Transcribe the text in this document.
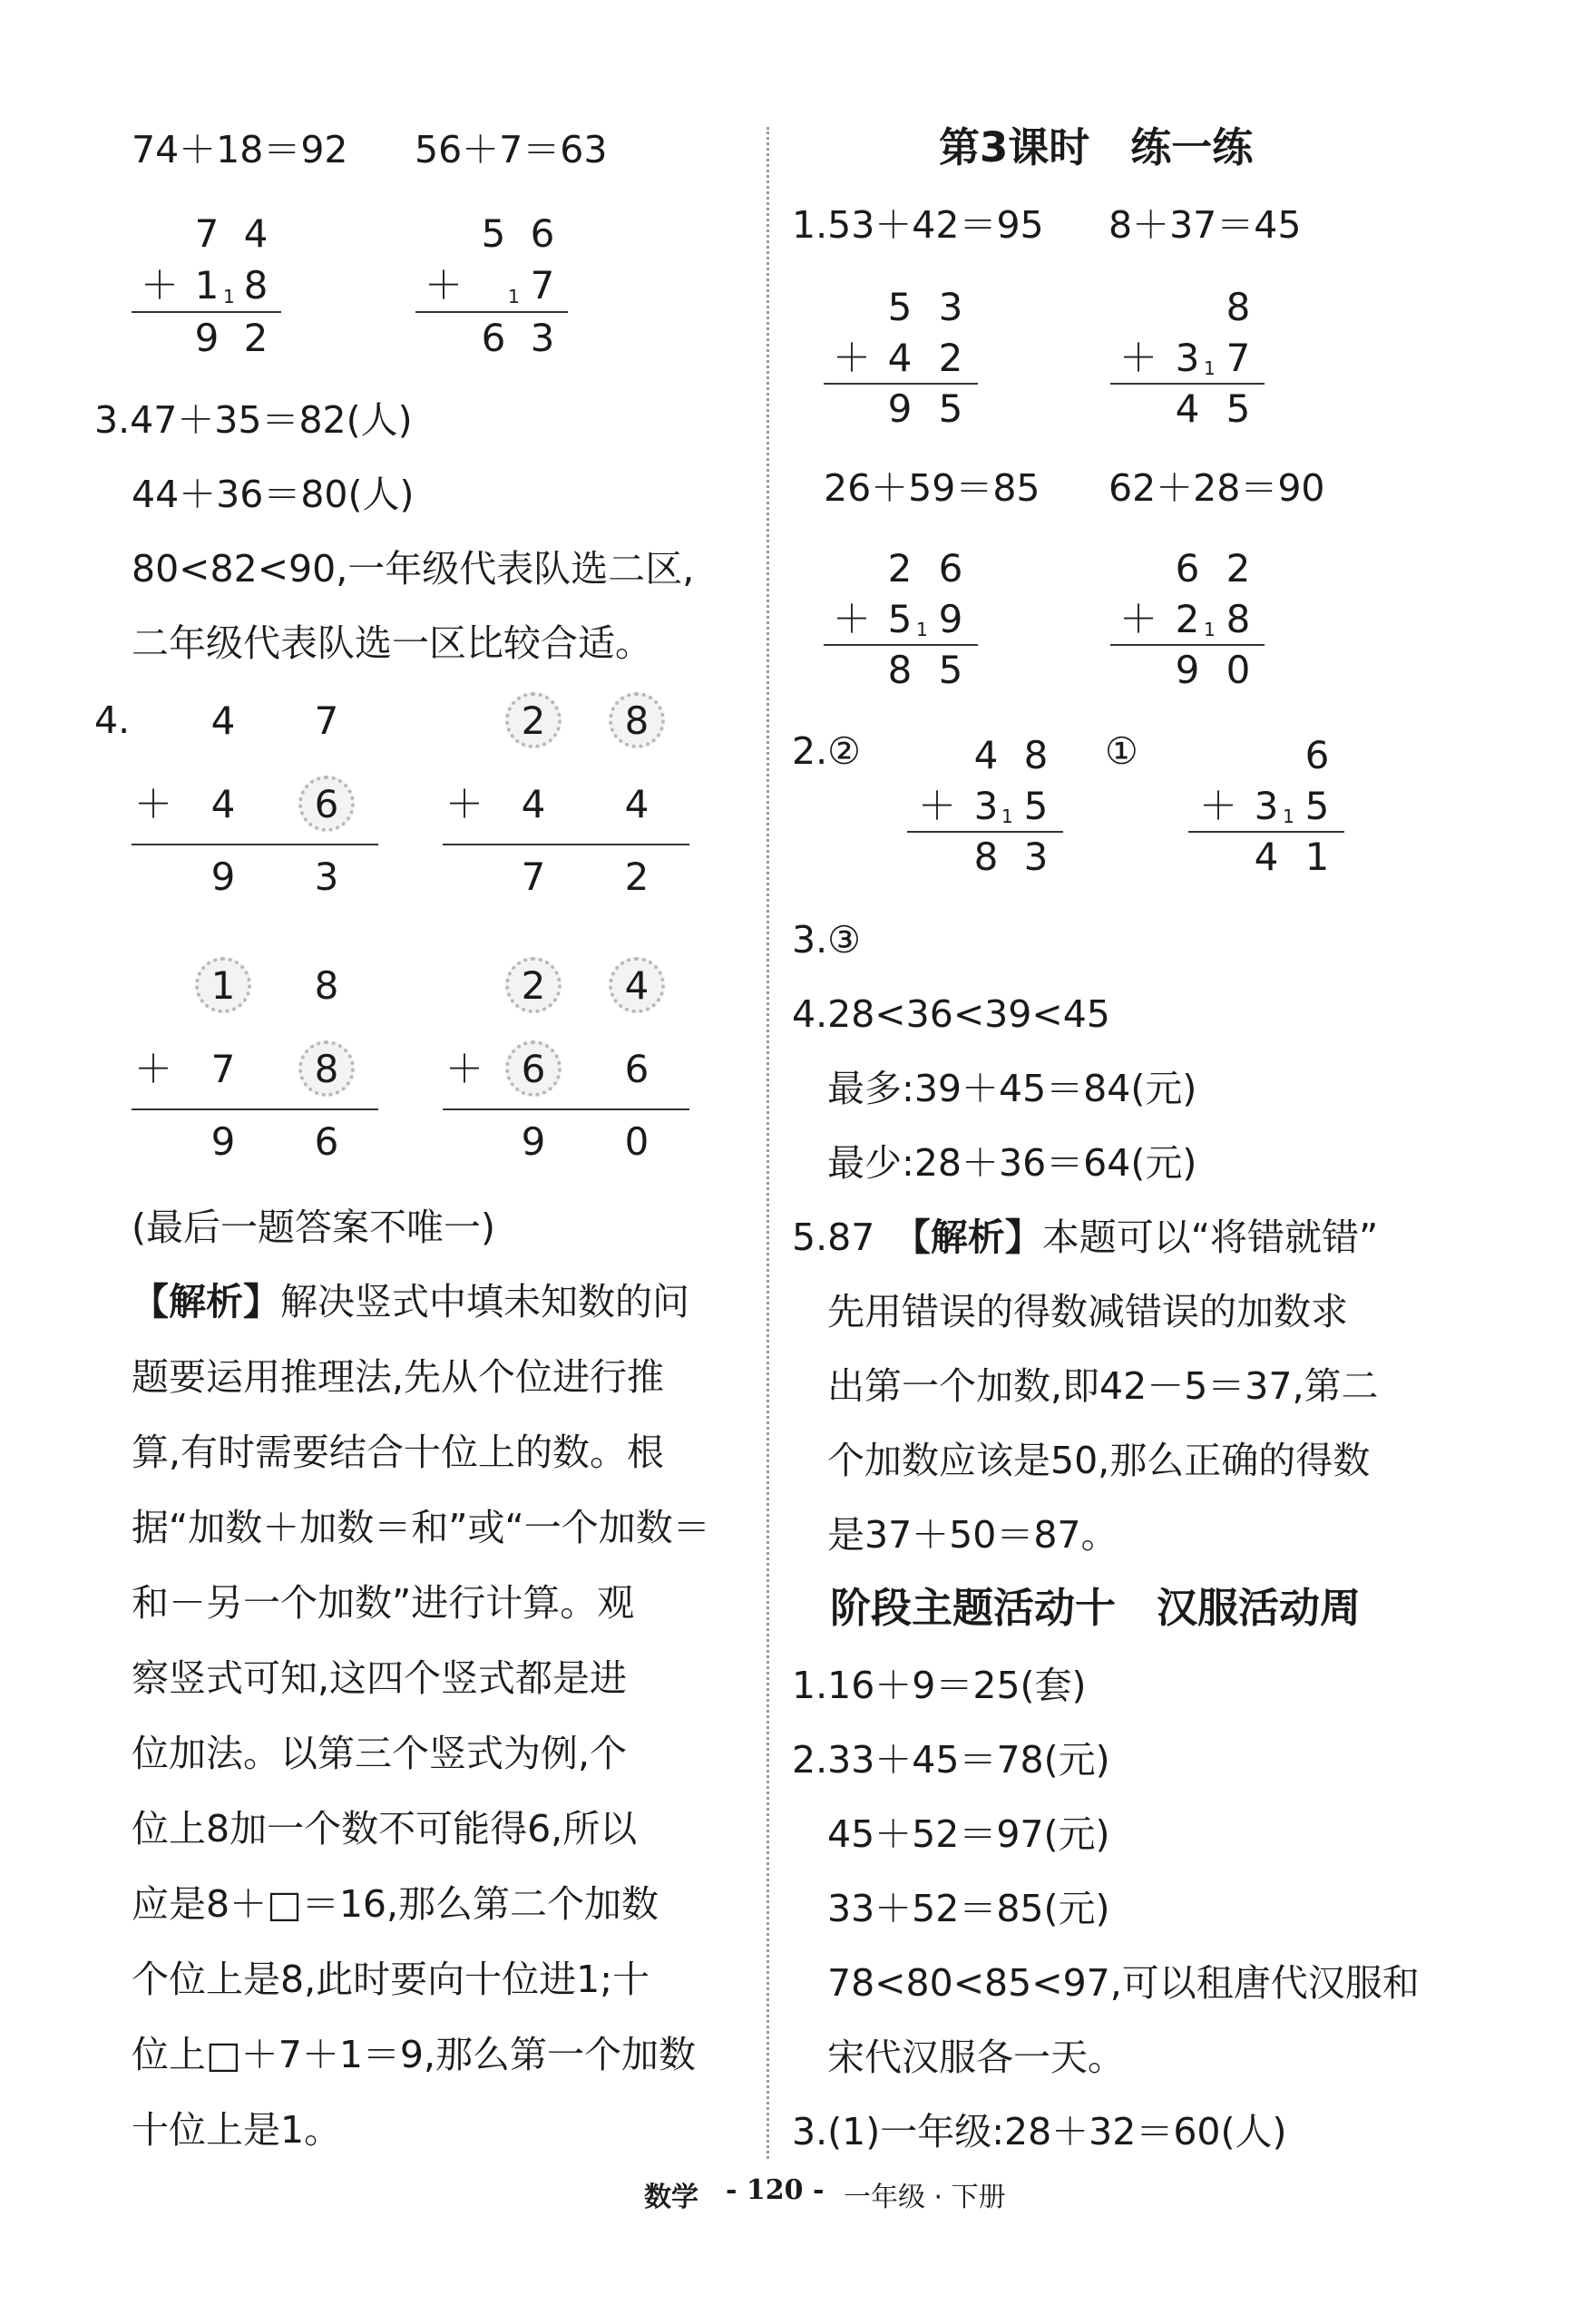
74＋18＝92 56＋7＝63
7 4
＋ 1 1 8
9 2
5 6
＋ 1 7
6 3
3.47＋35＝82(人)
44＋36＝80(人)
80<82<90,一年级代表队选二区,
二年级代表队选一区比较合适。
4. 4 7
＋ 4 6
9 3
2 8
＋ 4 4
7 2
1 8
＋ 7 8
9 6
2 4
＋ 6 6
9 0
(最后一题答案不唯一)
【解析】解决竖式中填未知数的问
题要运用推理法,先从个位进行推
算,有时需要结合十位上的数。根
据“加数＋加数＝和”或“一个加数＝
和－另一个加数”进行计算。观
察竖式可知,这四个竖式都是进
位加法。以第三个竖式为例,个
位上8加一个数不可能得6,所以
应是8＋□＝16,那么第二个加数
个位上是8,此时要向十位进1;十
位上□＋7＋1＝9,那么第一个加数
十位上是1。
第3课时　练一练
1.53＋42＝95 8＋37＝45
5 3
＋ 4 2
9 5
8
＋ 3 1 7
4 5
26＋59＝85 62＋28＝90
2 6
＋ 5 1 9
8 5
6 2
＋ 2 1 8
9 0
2.②	①
4 8
＋ 3 1 5
8 3
6
＋ 3 1 5
4 1
3.③
4.28<36<39<45
最多:39＋45＝84(元)
最少:28＋36＝64(元)
5.87　 【解析】本题可以“将错就错”
先用错误的得数减错误的加数求
出第一个加数,即42－5＝37,第二
个加数应该是50,那么正确的得数
是37＋50＝87。
阶段主题活动十　汉服活动周
1.16＋9＝25(套)
2.33＋45＝78(元)
45＋52＝97(元)
33＋52＝85(元)
78<80<85<97,可以租唐代汉服和
宋代汉服各一天。
3.(1)一年级:28＋32＝60(人)
数学 - 120 - 一年级 · 下册
